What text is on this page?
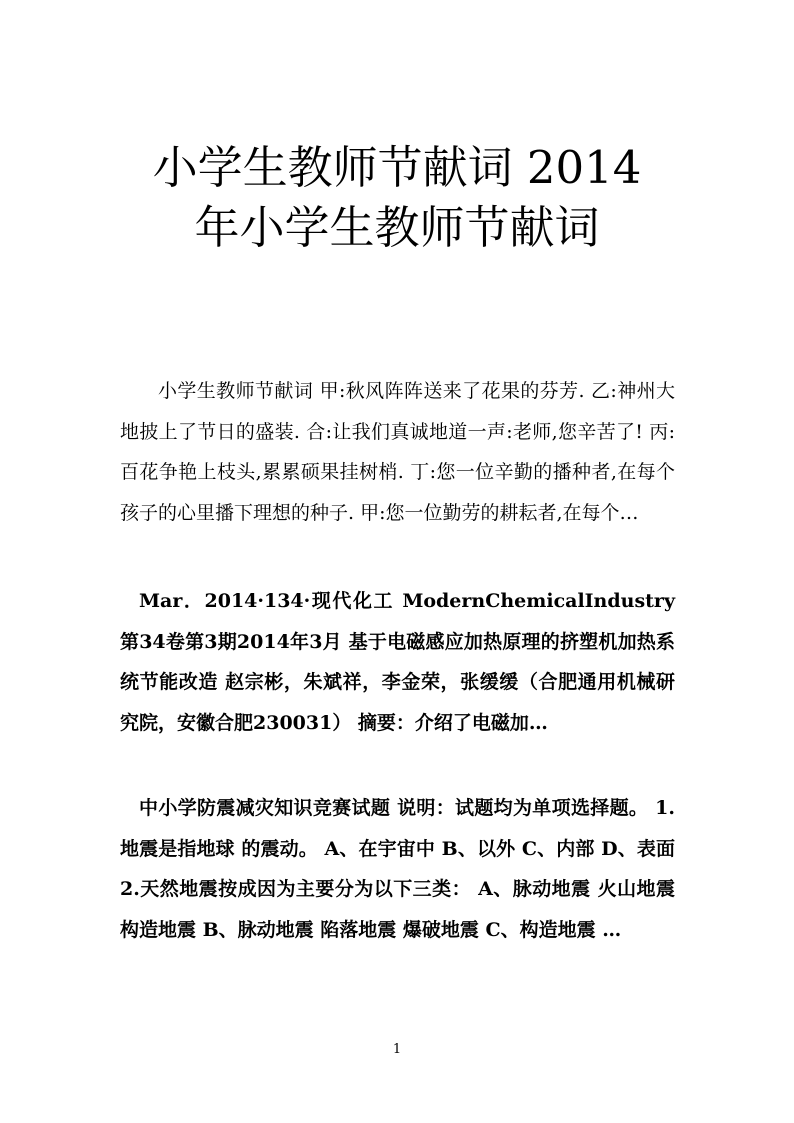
小学生教师节献词 2014
年小学生教师节献词

小学生教师节献词 甲:秋风阵阵送来了花果的芬芳. 乙:神州大地披上了节日的盛装. 合:让我们真诚地道一声:老师,您辛苦了! 丙:百花争艳上枝头,累累硕果挂树梢. 丁:您一位辛勤的播种者,在每个孩子的心里播下理想的种子. 甲:您一位勤劳的耕耘者,在每个…

Mar．2014·134·现代化工 ModernChemicalIndustry 第34卷第3期2014年3月 基于电磁感应加热原理的挤塑机加热系统节能改造 赵宗彬，朱斌祥，李金荣，张缓缓（合肥通用机械研究院，安徽合肥230031） 摘要：介绍了电磁加…

中小学防震减灾知识竞赛试题 说明：试题均为单项选择题。 1.地震是指地球 的震动。 A、在宇宙中 B、以外 C、内部 D、表面 2.天然地震按成因为主要分为以下三类： A、脉动地震 火山地震 构造地震 B、脉动地震 陷落地震 爆破地震 C、构造地震 …

1
